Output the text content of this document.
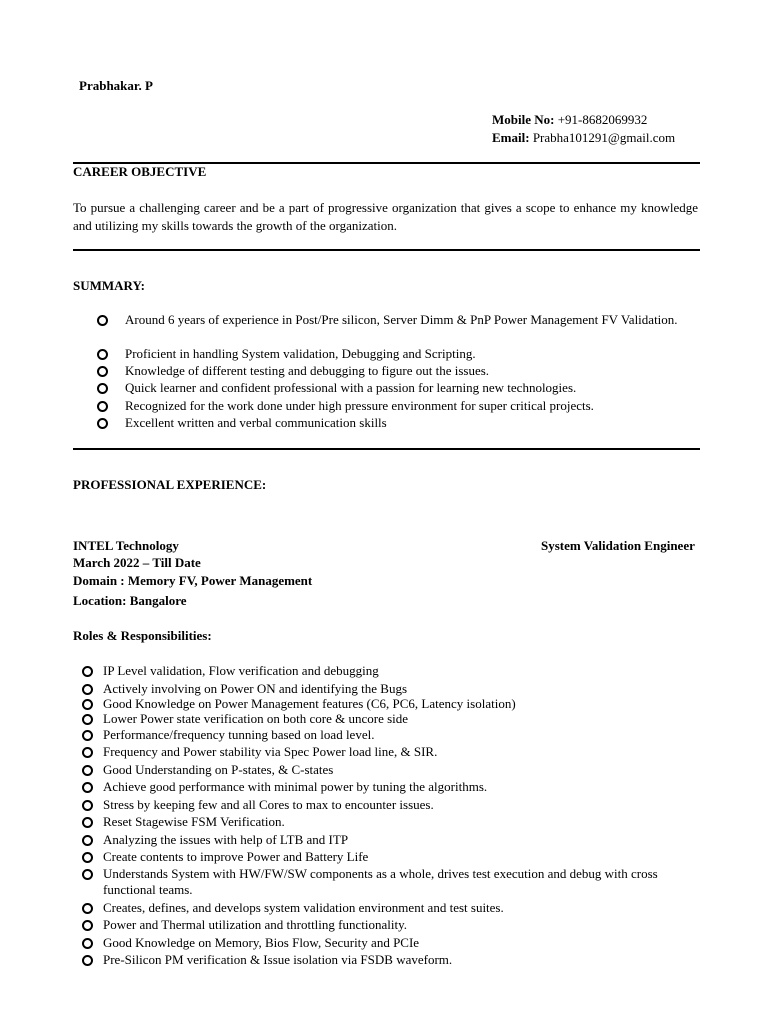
Prabhakar. P
Mobile No: +91-8682069932
Email: Prabha101291@gmail.com
CAREER OBJECTIVE
To pursue a challenging career and be a part of progressive organization that gives a scope to enhance my knowledge and utilizing my skills towards the growth of the organization.
SUMMARY:
Around 6 years of experience in Post/Pre silicon, Server Dimm & PnP Power Management FV Validation.
Proficient in handling System validation, Debugging and Scripting.
Knowledge of different testing and debugging to figure out the issues.
Quick learner and confident professional with a passion for learning new technologies.
Recognized for the work done under high pressure environment for super critical projects.
Excellent written and verbal communication skills
PROFESSIONAL EXPERIENCE:
INTEL Technology	System Validation Engineer
March 2022 – Till Date
Domain : Memory FV, Power Management
Location: Bangalore
Roles & Responsibilities:
IP Level validation, Flow verification and debugging
Actively involving on Power ON and identifying the Bugs
Good Knowledge on Power Management features (C6, PC6, Latency isolation)
Lower Power state verification on both core & uncore side
Performance/frequency tunning based on load level.
Frequency and Power stability via Spec Power load line, & SIR.
Good Understanding on P-states, & C-states
Achieve good performance with minimal power by tuning the algorithms.
Stress by keeping few and all Cores to max to encounter issues.
Reset Stagewise FSM Verification.
Analyzing the issues with help of LTB and ITP
Create contents to improve Power and Battery Life
Understands System with HW/FW/SW components as a whole, drives test execution and debug with cross functional teams.
Creates, defines, and develops system validation environment and test suites.
Power and Thermal utilization and throttling functionality.
Good Knowledge on Memory, Bios Flow, Security and PCIe
Pre-Silicon PM verification & Issue isolation via FSDB waveform.
